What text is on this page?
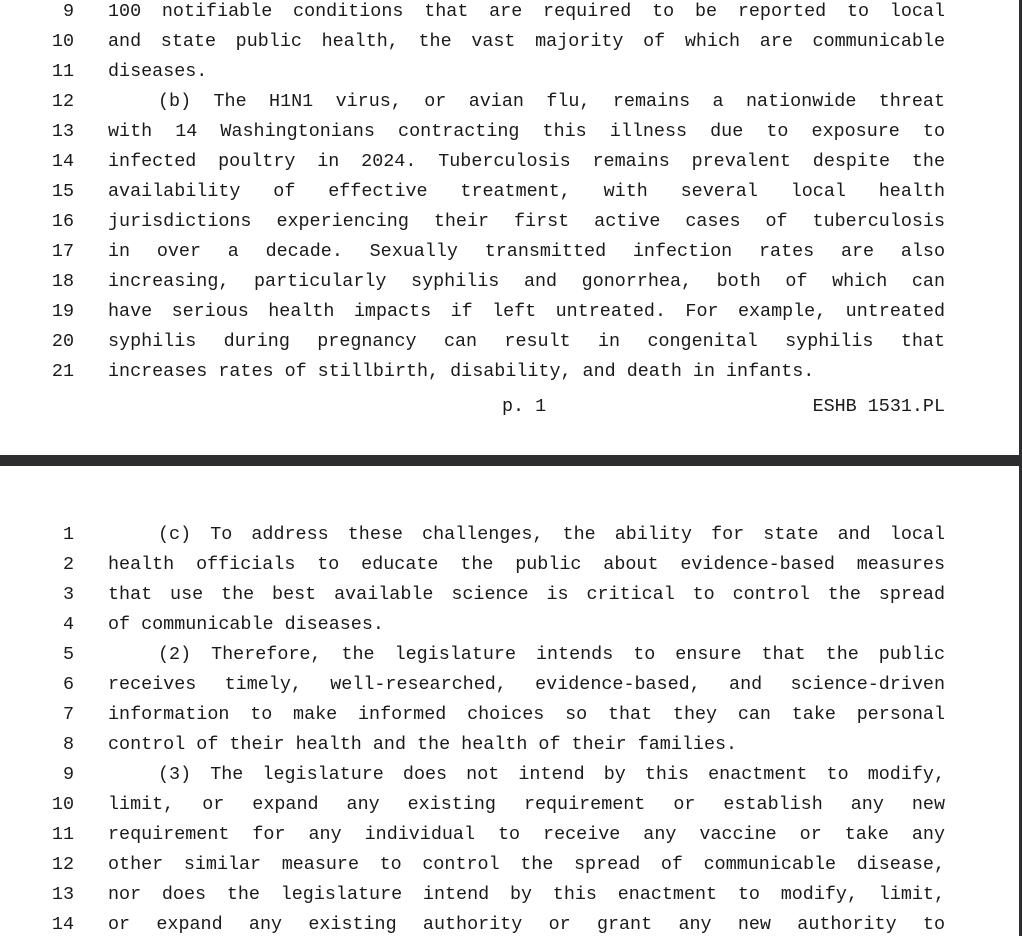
9 100 notifiable conditions that are required to be reported to local
10 and state public health, the vast majority of which are communicable
11 diseases.
12	(b) The H1N1 virus, or avian flu, remains a nationwide threat
13 with 14 Washingtonians contracting this illness due to exposure to
14 infected poultry in 2024. Tuberculosis remains prevalent despite the
15 availability of effective treatment, with several local health
16 jurisdictions experiencing their first active cases of tuberculosis
17 in over a decade. Sexually transmitted infection rates are also
18 increasing, particularly syphilis and gonorrhea, both of which can
19 have serious health impacts if left untreated. For example, untreated
20 syphilis during pregnancy can result in congenital syphilis that
21 increases rates of stillbirth, disability, and death in infants.
p. 1	ESHB 1531.PL
1	(c) To address these challenges, the ability for state and local
2 health officials to educate the public about evidence-based measures
3 that use the best available science is critical to control the spread
4 of communicable diseases.
5	(2) Therefore, the legislature intends to ensure that the public
6 receives timely, well-researched, evidence-based, and science-driven
7 information to make informed choices so that they can take personal
8 control of their health and the health of their families.
9	(3) The legislature does not intend by this enactment to modify,
10 limit, or expand any existing requirement or establish any new
11 requirement for any individual to receive any vaccine or take any
12 other similar measure to control the spread of communicable disease,
13 nor does the legislature intend by this enactment to modify, limit,
14 or expand any existing authority or grant any new authority to
